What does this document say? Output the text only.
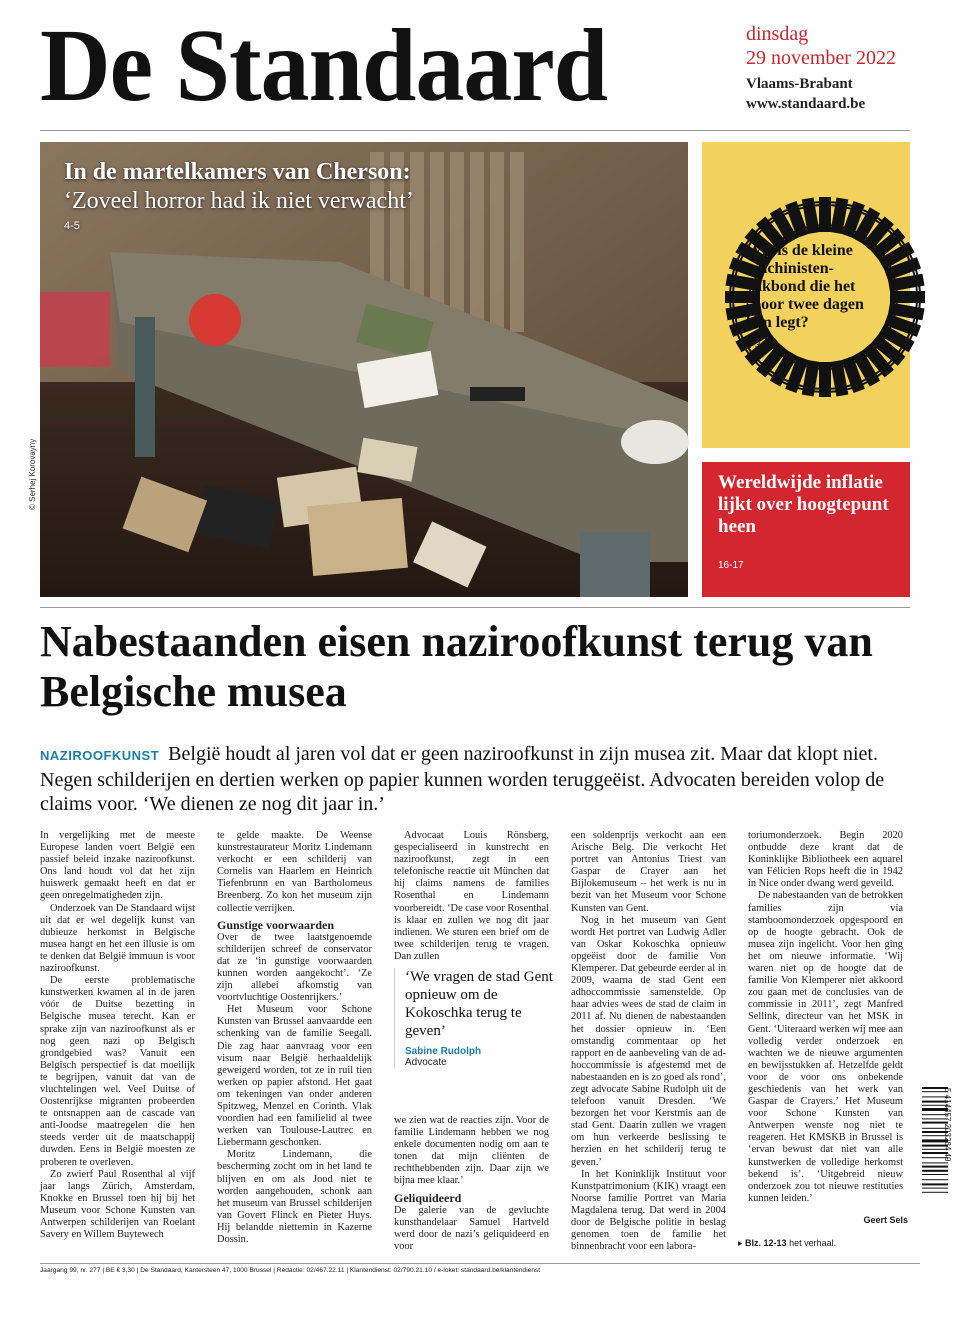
De Standaard	dinsdag
29 november 2022
Vlaams-Brabant
www.standaard.be
© Serhej Korovayny
In de martelkamers van Cherson:
‘Zoveel horror had ik niet verwacht’
4-5
Wie is de kleine machinisten-vakbond die het spoor twee dagen lam legt?
2-3
Wereldwijde inflatie lijkt over hoogtepunt heen
16-17
Nabestaanden eisen naziroofkunst terug van Belgische musea
NAZIROOFKUNST België houdt al jaren vol dat er geen naziroofkunst in zijn musea zit. Maar dat klopt niet. Negen schilderijen en dertien werken op papier kunnen worden teruggeëist. Advocaten bereiden volop de claims voor. ‘We dienen ze nog dit jaar in.’

In vergelijking met de meeste Europese landen voert België een passief beleid inzake naziroofkunst. Ons land houdt vol dat het zijn huiswerk gemaakt heeft en dat er geen onregelmatigheden zijn.

Onderzoek van De Standaard wijst uit dat er wel degelijk kunst van dubieuze herkomst in Belgische musea hangt en het een illusie is om te denken dat België immuun is voor naziroofkunst.

De eerste problematische kunstwerken kwamen al in de jaren vóór de Duitse bezetting in Belgische musea terecht. Kan er sprake zijn van naziroofkunst als er nog geen nazi op Belgisch grondgebied was? Vanuit een Belgisch perspectief is dat moeilijk te begrijpen, vanuit dat van de vluchtelingen wel. Veel Duitse of Oostenrijkse migranten probeerden te ontsnappen aan de cascade van anti-Joodse maatregelen die hen steeds verder uit de maatschappij duwden. Eens in België moesten ze proberen te overleven.

Zo zwierf Paul Rosenthal al vijf jaar langs Zürich, Amsterdam, Knokke en Brussel toen hij bij het Museum voor Schone Kunsten van Antwerpen schilderijen van Roelant Savery en Willem Buytewech

te gelde maakte. De Weense kunstrestaurateur Moritz Lindemann verkocht er een schilderij van Cornelis van Haarlem en Heinrich Tiefenbrunn en van Bartholomeus Breenberg. Zo kon het museum zijn collectie verrijken.

Gunstige voorwaarden

Over de twee laatstgenoemde schilderijen schreef de conservator dat ze ‘in gunstige voorwaarden kunnen worden aangekocht’. ‘Ze zijn allebei afkomstig van voortvluchtige Oostenrijkers.’

Het Museum voor Schone Kunsten van Brussel aanvaardde een schenking van de familie Seegall. Die zag haar aanvraag voor een visum naar België herhaaldelijk geweigerd worden, tot ze in ruil tien werken op papier afstond. Het gaat om tekeningen van onder anderen Spitzweg, Menzel en Corinth. Vlak voordien had een familielid al twee werken van Toulouse-Lautrec en Liebermann geschonken.

Moritz Lindemann, die bescherming zocht om in het land te blijven en om als Jood niet te worden aangehouden, schonk aan het museum van Brussel schilderijen van Govert Flinck en Pieter Huys. Hij belandde niettemin in Kazerne Dossin.

Advocaat Louis Rönsberg, gespecialiseerd in kunstrecht en naziroofkunst, zegt in een telefonische reactie uit München dat hij claims namens de families Rosenthal en Lindemann voorbereidt. ‘De case voor Rosenthal is klaar en zullen we nog dit jaar indienen. We sturen een brief om de twee schilderijen terug te vragen. Dan zullen

‘We vragen de stad Gent opnieuw om de Kokoschka terug te geven’
Sabine Rudolph
Advocate

we zien wat de reacties zijn. Voor de familie Lindemann hebben we nog enkele documenten nodig om aan te tonen dat mijn cliënten de rechthebbenden zijn. Daar zijn we bijna mee klaar.’

Geliquideerd

De galerie van de gevluchte kunsthandelaar Samuel Hartveld werd door de nazi’s geliquideerd en voor

een soldenprijs verkocht aan een Arische Belg. Die verkocht Het portret van Antonius Triest van Gaspar de Crayer aan het Bijlokemuseum – het werk is nu in bezit van het Museum voor Schone Kunsten van Gent.

Nog in het museum van Gent wordt Het portret van Ludwig Adler van Oskar Kokoschka opnieuw opgeëist door de familie Von Klemperer. Dat gebeurde eerder al in 2009, waarna de stad Gent een adhoccommissie samenstelde. Op haar advies wees de stad de claim in 2011 af. Nu dienen de nabestaanden het dossier opnieuw in. ‘Een omstandig commentaar op het rapport en de aanbeveling van de ad-hoccommissie is afgestemd met de nabestaanden en is zo goed als rond’, zegt advocate Sabine Rudolph uit de telefoon vanuit Dresden. ‘We bezorgen het voor Kerstmis aan de stad Gent. Daarin zullen we vragen om hun verkeerde beslissing te herzien en het schilderij terug te geven.’

In het Koninklijk Instituut voor Kunstpatrimonium (KIK) vraagt een Noorse familie Portret van Maria Magdalena terug. Dat werd in 2004 door de Belgische politie in beslag genomen toen de familie het binnenbracht voor een labora-

toriumonderzoek. Begin 2020 ontbudde deze krant dat de Koninklijke Bibliotheek een aquarel van Félicien Rops heeft die in 1942 in Nice onder dwang werd geveild.

De nabestaanden van de betrokken families zijn via stamboomonderzoek opgespoord en op de hoogte gebracht. Ook de musea zijn ingelicht. Voor hen ging het om nieuwe informatie. ‘Wij waren niet op de hoogte dat de familie Von Klemperer niet akkoord zou gaan met de conclusies van de commissie in 2011’, zegt Manfred Sellink, directeur van het MSK in Gent. ‘Uiteraard werken wij mee aan volledig verder onderzoek en wachten we de nieuwe argumenten en bewijsstukken af. Hetzelfde geldt voor de voor ons onbekende geschiedenis van het werk van Gaspar de Crayers.’ Het Museum voor Schone Kunsten van Antwerpen wenste nog niet te reageren. Het KMSKB in Brussel is ‘ervan bewust dat niet van alle kunstwerken de volledige herkomst bekend is’. ‘Uitgebreid nieuw onderzoek zou tot nieuwe restituties kunnen leiden.’

Geert Sels
▸ Blz. 12-13 het verhaal.
5 414457 203284 49
Jaargang 99, nr. 277 | BE € 3,30 | De Standaard, Kantersteen 47, 1000 Brussel | Redactie: 02/467.22.11 | Klantendienst: 02/790.21.10 / e-loket: standaard.be/klantendienst
